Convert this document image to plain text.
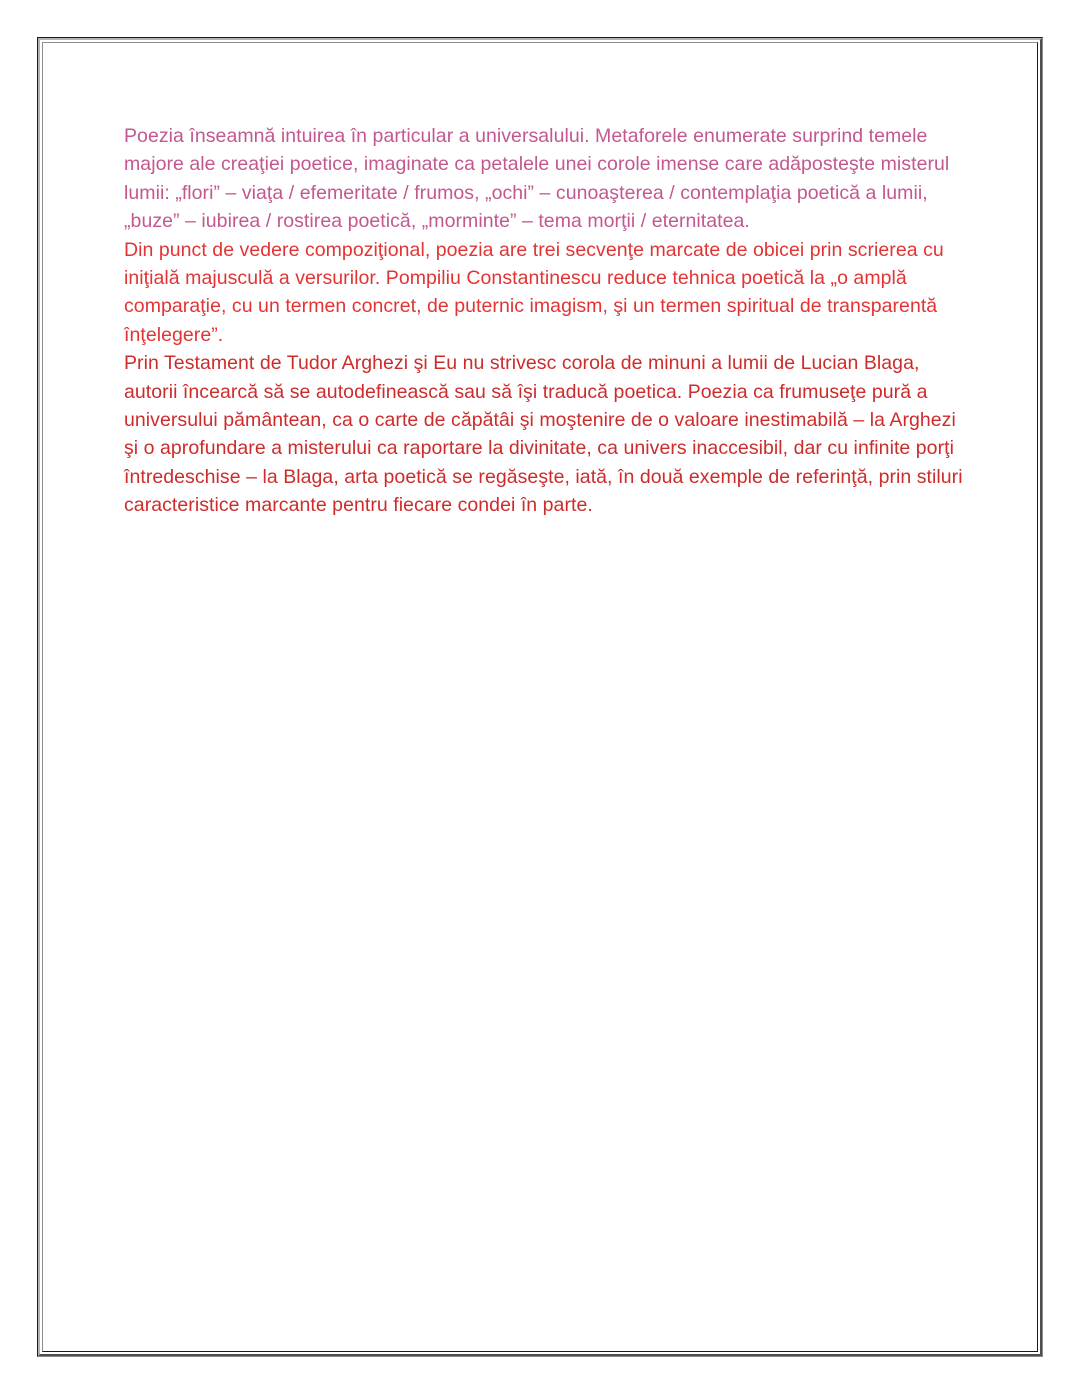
Poezia înseamnă intuirea în particular a universalului. Metaforele enumerate surprind temele majore ale creaţiei poetice, imaginate ca petalele unei corole imense care adăposteşte misterul lumii: „flori” – viaţa / efemeritate / frumos, „ochi” – cunoaşterea / contemplaţia poetică a lumii, „buze” – iubirea / rostirea poetică, „morminte” – tema morţii / eternitatea.

Din punct de vedere compoziţional, poezia are trei secvenţe marcate de obicei prin scrierea cu iniţială majusculă a versurilor. Pompiliu Constantinescu reduce tehnica poetică la „o amplă comparaţie, cu un termen concret, de puternic imagism, şi un termen spiritual de transparentă înţelegere”.

Prin Testament de Tudor Arghezi şi Eu nu strivesc corola de minuni a lumii de Lucian Blaga, autorii încearcă să se autodefinească sau să îşi traducă poetica. Poezia ca frumuseţe pură a universului pământean, ca o carte de căpătâi şi moştenire de o valoare inestimabilă – la Arghezi şi o aprofundare a misterului ca raportare la divinitate, ca univers inaccesibil, dar cu infinite porţi întredeschise – la Blaga, arta poetică se regăseşte, iată, în două exemple de referinţă, prin stiluri caracteristice marcante pentru fiecare condei în parte.
